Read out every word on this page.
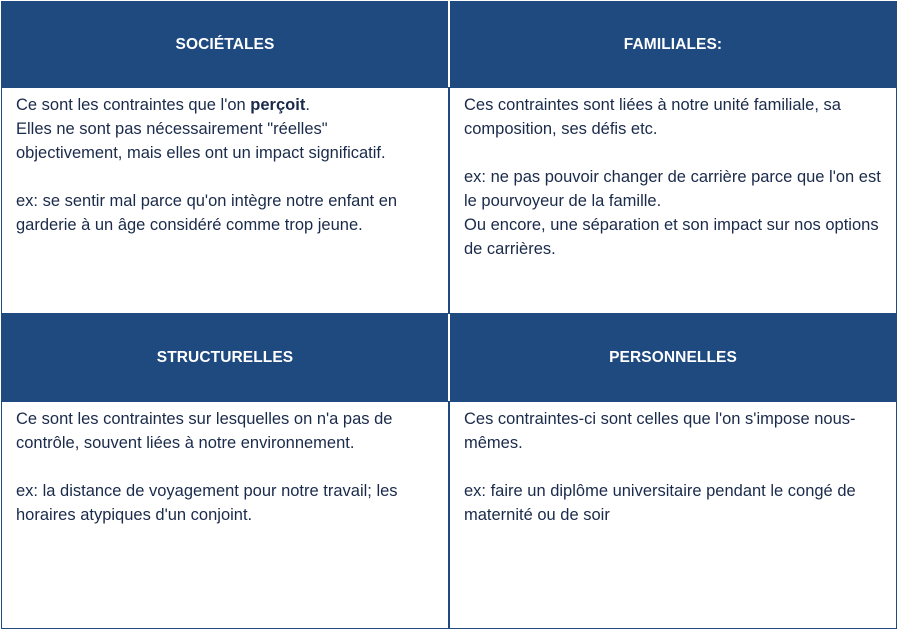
SOCIÉTALES	FAMILIALES:

Ce sont les contraintes que l'on perçoit.
Elles ne sont pas nécessairement "réelles" objectivement, mais elles ont un impact significatif.

ex: se sentir mal parce qu'on intègre notre enfant en garderie à un âge considéré comme trop jeune.

Ces contraintes sont liées à notre unité familiale, sa composition, ses défis etc.

ex: ne pas pouvoir changer de carrière parce que l'on est le pourvoyeur de la famille.

Ou encore, une séparation et son impact sur nos options de carrières.

STRUCTURELLES	PERSONNELLES

Ce sont les contraintes sur lesquelles on n'a pas de contrôle, souvent liées à notre environnement.

ex: la distance de voyagement pour notre travail; les horaires atypiques d'un conjoint.

Ces contraintes-ci sont celles que l'on s'impose nous-mêmes.

ex: faire un diplôme universitaire pendant le congé de maternité ou de soir
